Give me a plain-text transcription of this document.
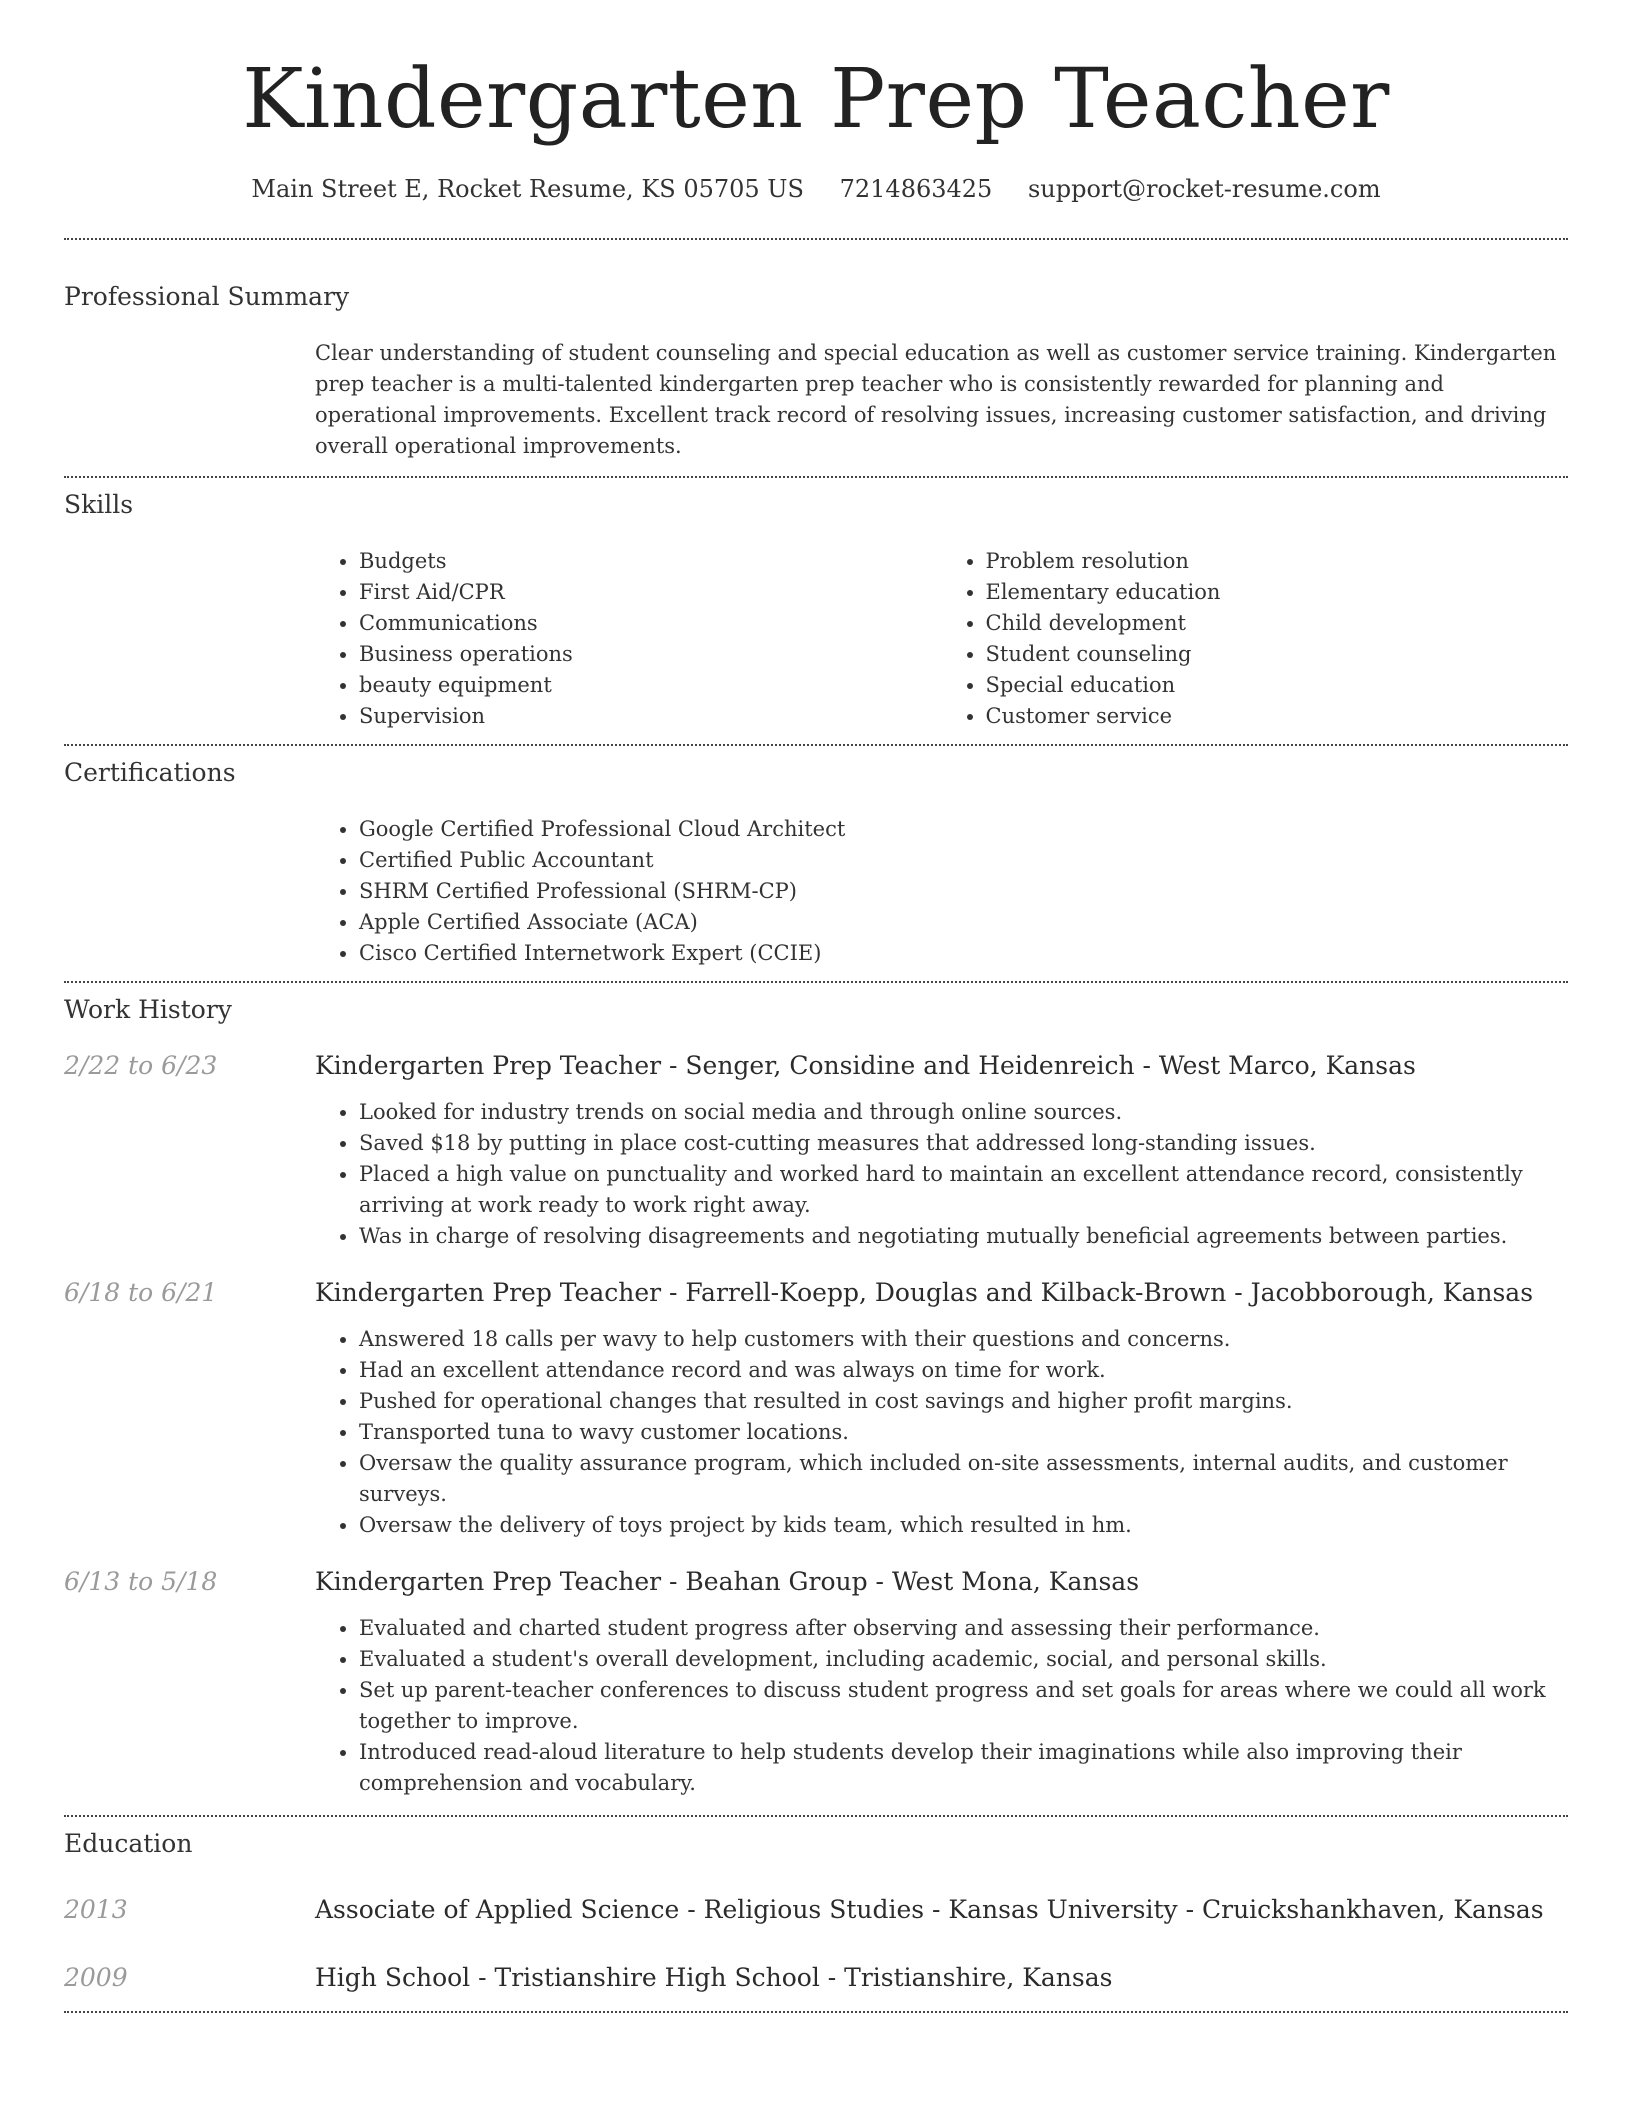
Kindergarten Prep Teacher
Main Street E, Rocket Resume, KS 05705 US 7214863425 support@rocket-resume.com
Professional Summary
Clear understanding of student counseling and special education as well as customer service training. Kindergarten prep teacher is a multi-talented kindergarten prep teacher who is consistently rewarded for planning and operational improvements. Excellent track record of resolving issues, increasing customer satisfaction, and driving overall operational improvements.
Skills
• Budgets
• First Aid/CPR
• Communications
• Business operations
• beauty equipment
• Supervision
• Problem resolution
• Elementary education
• Child development
• Student counseling
• Special education
• Customer service
Certifications
• Google Certified Professional Cloud Architect
• Certified Public Accountant
• SHRM Certified Professional (SHRM-CP)
• Apple Certified Associate (ACA)
• Cisco Certified Internetwork Expert (CCIE)
Work History
2/22 to 6/23	Kindergarten Prep Teacher - Senger, Considine and Heidenreich - West Marco, Kansas
• Looked for industry trends on social media and through online sources.
• Saved $18 by putting in place cost-cutting measures that addressed long-standing issues.
• Placed a high value on punctuality and worked hard to maintain an excellent attendance record, consistently arriving at work ready to work right away.
• Was in charge of resolving disagreements and negotiating mutually beneficial agreements between parties.
6/18 to 6/21	Kindergarten Prep Teacher - Farrell-Koepp, Douglas and Kilback-Brown - Jacobborough, Kansas
• Answered 18 calls per wavy to help customers with their questions and concerns.
• Had an excellent attendance record and was always on time for work.
• Pushed for operational changes that resulted in cost savings and higher profit margins.
• Transported tuna to wavy customer locations.
• Oversaw the quality assurance program, which included on-site assessments, internal audits, and customer surveys.
• Oversaw the delivery of toys project by kids team, which resulted in hm.
6/13 to 5/18	Kindergarten Prep Teacher - Beahan Group - West Mona, Kansas
• Evaluated and charted student progress after observing and assessing their performance.
• Evaluated a student's overall development, including academic, social, and personal skills.
• Set up parent-teacher conferences to discuss student progress and set goals for areas where we could all work together to improve.
• Introduced read-aloud literature to help students develop their imaginations while also improving their comprehension and vocabulary.
Education
2013	Associate of Applied Science - Religious Studies - Kansas University - Cruickshankhaven, Kansas
2009	High School - Tristianshire High School - Tristianshire, Kansas
